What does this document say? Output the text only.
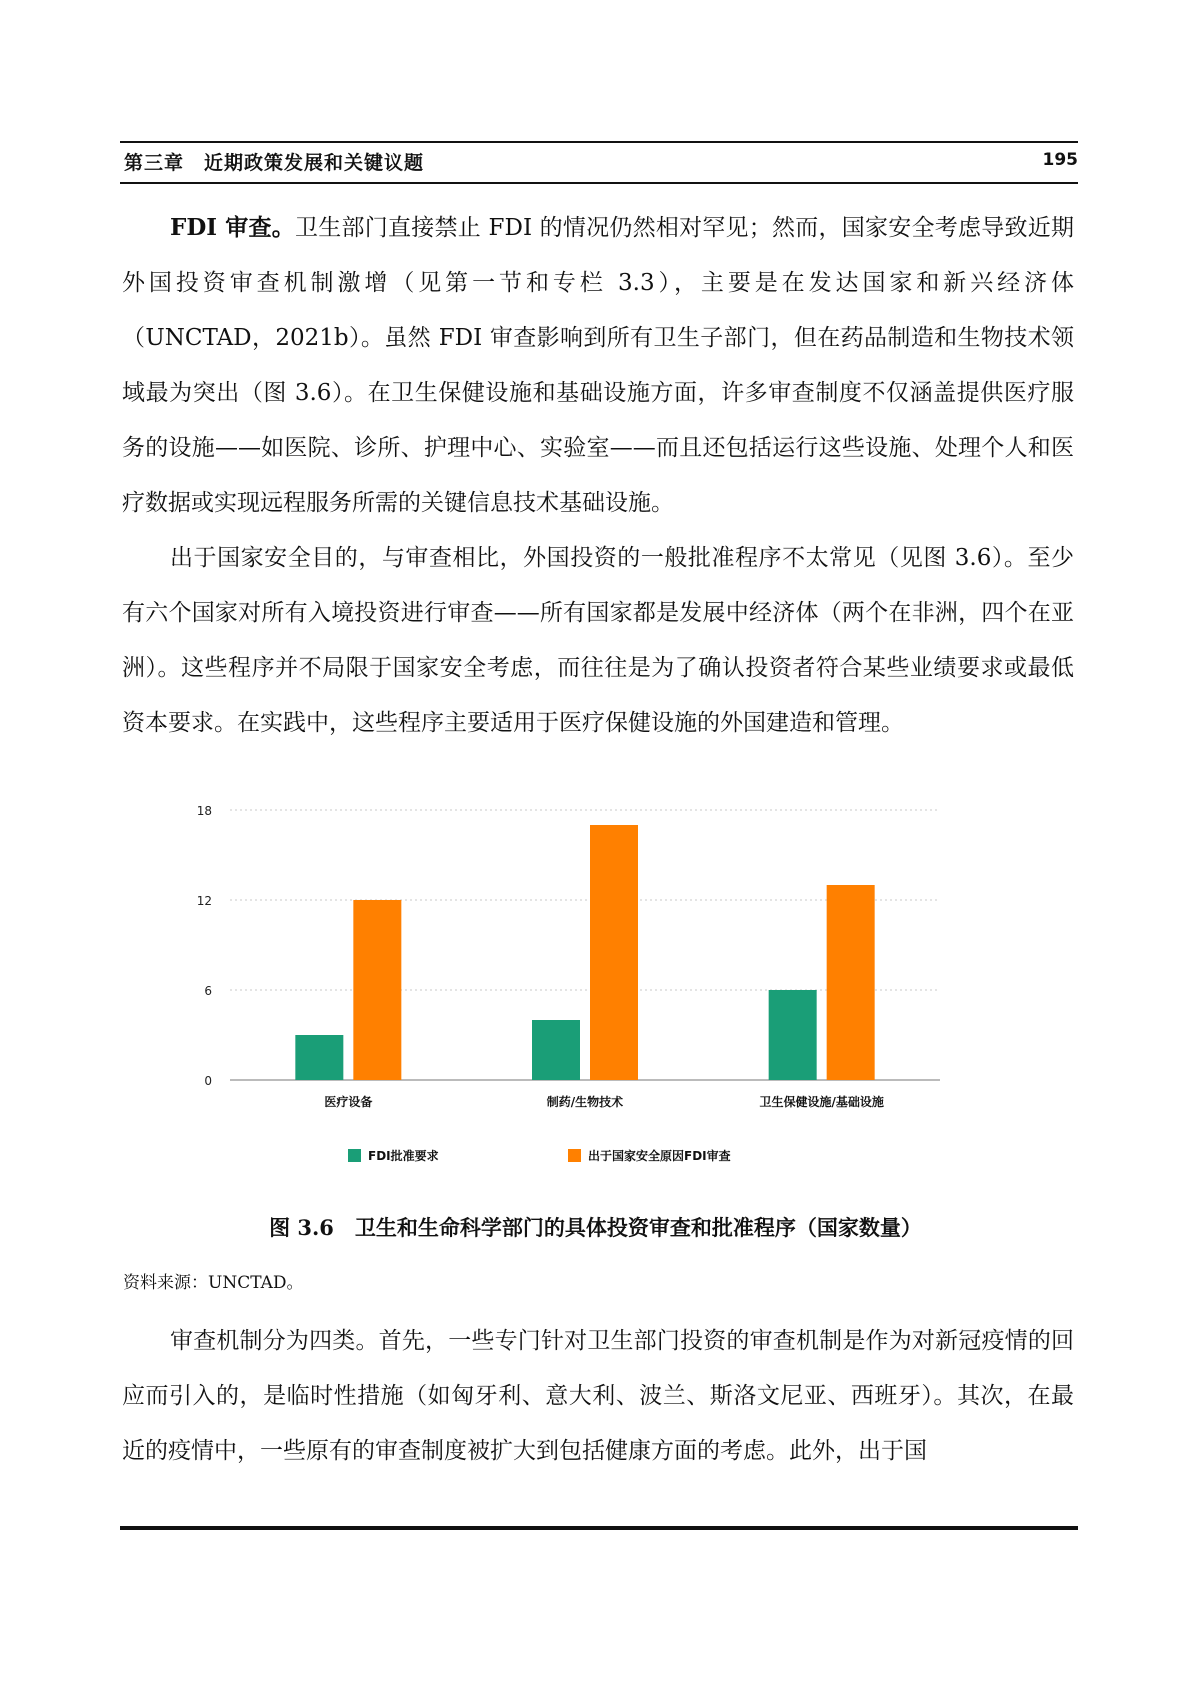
第三章　近期政策发展和关键议题	195

FDI 审查。卫生部门直接禁止 FDI 的情况仍然相对罕见；然而，国家安全考虑导致近期外国投资审查机制激增（见第一节和专栏 3.3），主要是在发达国家和新兴经济体（UNCTAD，2021b）。虽然 FDI 审查影响到所有卫生子部门，但在药品制造和生物技术领域最为突出（图 3.6）。在卫生保健设施和基础设施方面，许多审查制度不仅涵盖提供医疗服务的设施——如医院、诊所、护理中心、实验室——而且还包括运行这些设施、处理个人和医疗数据或实现远程服务所需的关键信息技术基础设施。

出于国家安全目的，与审查相比，外国投资的一般批准程序不太常见（见图 3.6）。至少有六个国家对所有入境投资进行审查——所有国家都是发展中经济体（两个在非洲，四个在亚洲）。这些程序并不局限于国家安全考虑，而往往是为了确认投资者符合某些业绩要求或最低资本要求。在实践中，这些程序主要适用于医疗保健设施的外国建造和管理。

0
6
12
18
医疗设备	制药/生物技术	卫生保健设施/基础设施
FDI批准要求	出于国家安全原因FDI审查
图 3.6　卫生和生命科学部门的具体投资审查和批准程序（国家数量）
资料来源：UNCTAD。

审查机制分为四类。首先，一些专门针对卫生部门投资的审查机制是作为对新冠疫情的回应而引入的，是临时性措施（如匈牙利、意大利、波兰、斯洛文尼亚、西班牙）。其次，在最近的疫情中，一些原有的审查制度被扩大到包括健康方面的考虑。此外，出于国
